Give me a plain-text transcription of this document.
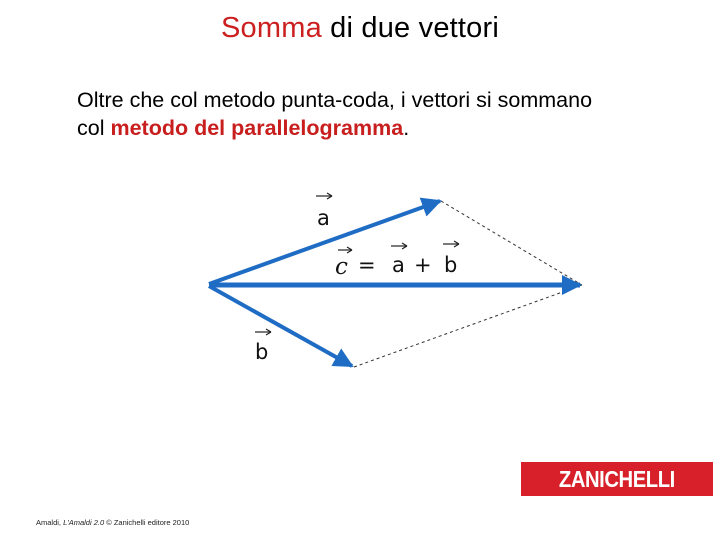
Somma di due vettori
Oltre che col metodo punta-coda, i vettori si sommano
col metodo del parallelogramma.
a
c = a + b
b
ZANICHELLI
Amaldi, L'Amaldi 2.0 © Zanichelli editore 2010
